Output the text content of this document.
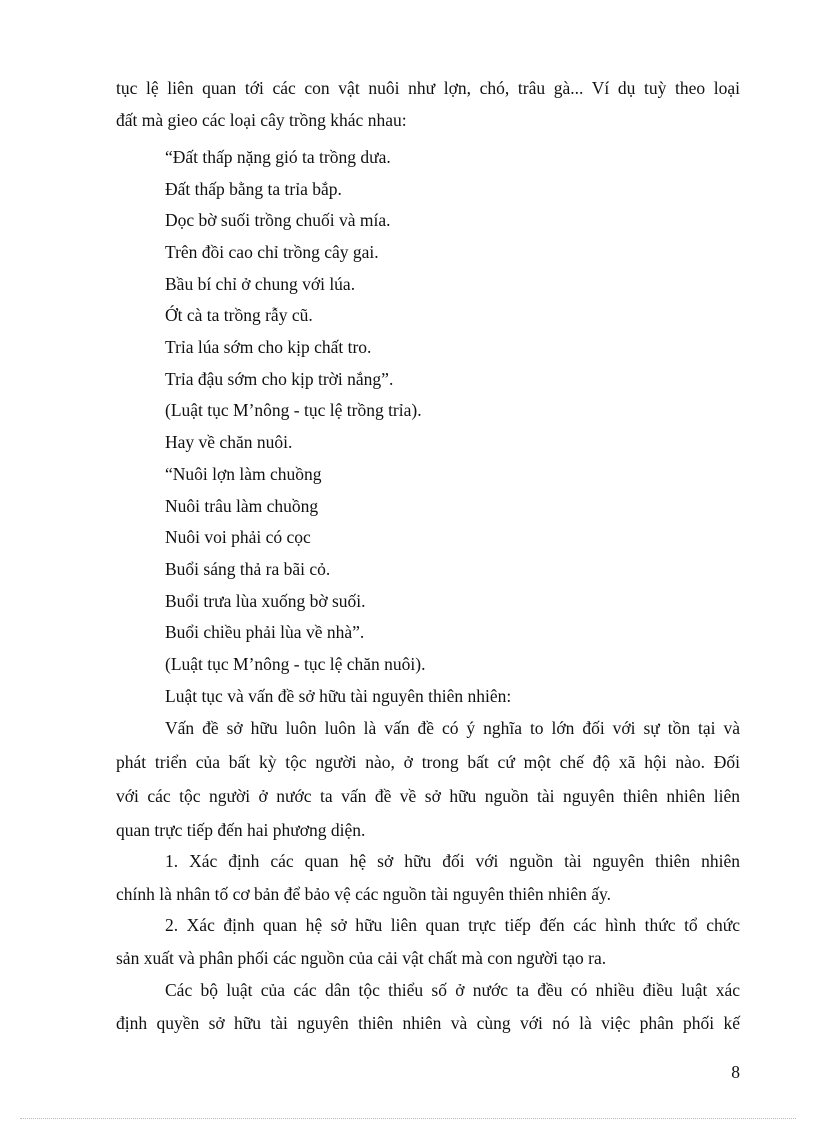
tục lệ liên quan tới các con vật nuôi như lợn, chó, trâu gà... Ví dụ tuỳ theo loại
đất mà gieo các loại cây trồng khác nhau:
“Đất thấp nặng gió ta trồng dưa.
Đất thấp bằng ta trỉa bắp.
Dọc bờ suối trồng chuối và mía.
Trên đồi cao chỉ trồng cây gai.
Bầu bí chỉ ở chung với lúa.
Ớt cà ta trồng rẫy cũ.
Trỉa lúa sớm cho kịp chất tro.
Trỉa đậu sớm cho kịp trời nắng”.
(Luật tục M’nông - tục lệ trồng trỉa).
Hay về chăn nuôi.
“Nuôi lợn làm chuồng
Nuôi trâu làm chuồng
Nuôi voi phải có cọc
Buổi sáng thả ra bãi cỏ.
Buổi trưa lùa xuống bờ suối.
Buổi chiều phải lùa về nhà”.
(Luật tục M’nông - tục lệ chăn nuôi).
Luật tục và vấn đề sở hữu tài nguyên thiên nhiên:
Vấn đề sở hữu luôn luôn là vấn đề có ý nghĩa to lớn đối với sự tồn tại và
phát triển của bất kỳ tộc người nào, ở trong bất cứ một chế độ xã hội nào. Đối
với các tộc người ở nước ta vấn đề về sở hữu nguồn tài nguyên thiên nhiên liên
quan trực tiếp đến hai phương diện.
1. Xác định các quan hệ sở hữu đối với nguồn tài nguyên thiên nhiên
chính là nhân tố cơ bản để bảo vệ các nguồn tài nguyên thiên nhiên ấy.
2. Xác định quan hệ sở hữu liên quan trực tiếp đến các hình thức tổ chức
sản xuất và phân phối các nguồn của cải vật chất mà con người tạo ra.
Các bộ luật của các dân tộc thiểu số ở nước ta đều có nhiều điều luật xác
định quyền sở hữu tài nguyên thiên nhiên và cùng với nó là việc phân phối kế
8
